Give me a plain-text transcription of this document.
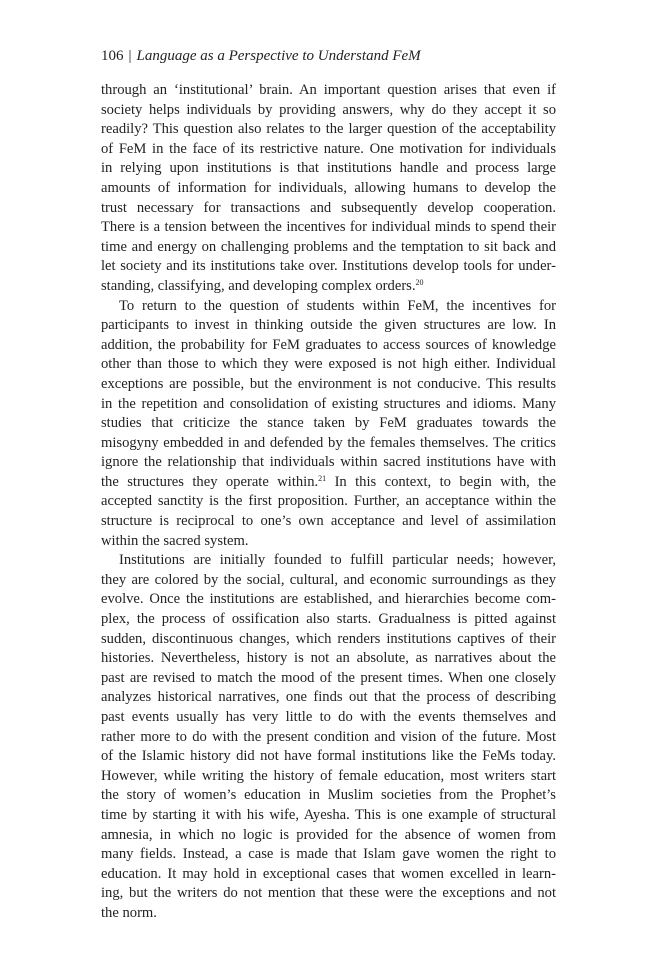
106 | Language as a Perspective to Understand FeM
through an ‘institutional’ brain. An important question arises that even if
society helps individuals by providing answers, why do they accept it so
readily? This question also relates to the larger question of the acceptability
of FeM in the face of its restrictive nature. One motivation for individuals
in relying upon institutions is that institutions handle and process large
amounts of information for individuals, allowing humans to develop the
trust necessary for transactions and subsequently develop cooperation.
There is a tension between the incentives for individual minds to spend their
time and energy on challenging problems and the temptation to sit back and
let society and its institutions take over. Institutions develop tools for under-
standing, classifying, and developing complex orders.$^{20}$
To return to the question of students within FeM, the incentives for
participants to invest in thinking outside the given structures are low. In
addition, the probability for FeM graduates to access sources of knowledge
other than those to which they were exposed is not high either. Individual
exceptions are possible, but the environment is not conducive. This results
in the repetition and consolidation of existing structures and idioms. Many
studies that criticize the stance taken by FeM graduates towards the
misogyny embedded in and defended by the females themselves. The critics
ignore the relationship that individuals within sacred institutions have with
the structures they operate within.$^{21}$ In this context, to begin with, the
accepted sanctity is the first proposition. Further, an acceptance within the
structure is reciprocal to one’s own acceptance and level of assimilation
within the sacred system.
Institutions are initially founded to fulfill particular needs; however,
they are colored by the social, cultural, and economic surroundings as they
evolve. Once the institutions are established, and hierarchies become com-
plex, the process of ossification also starts. Gradualness is pitted against
sudden, discontinuous changes, which renders institutions captives of their
histories. Nevertheless, history is not an absolute, as narratives about the
past are revised to match the mood of the present times. When one closely
analyzes historical narratives, one finds out that the process of describing
past events usually has very little to do with the events themselves and
rather more to do with the present condition and vision of the future. Most
of the Islamic history did not have formal institutions like the FeMs today.
However, while writing the history of female education, most writers start
the story of women’s education in Muslim societies from the Prophet’s
time by starting it with his wife, Ayesha. This is one example of structural
amnesia, in which no logic is provided for the absence of women from
many fields. Instead, a case is made that Islam gave women the right to
education. It may hold in exceptional cases that women excelled in learn-
ing, but the writers do not mention that these were the exceptions and not
the norm.
